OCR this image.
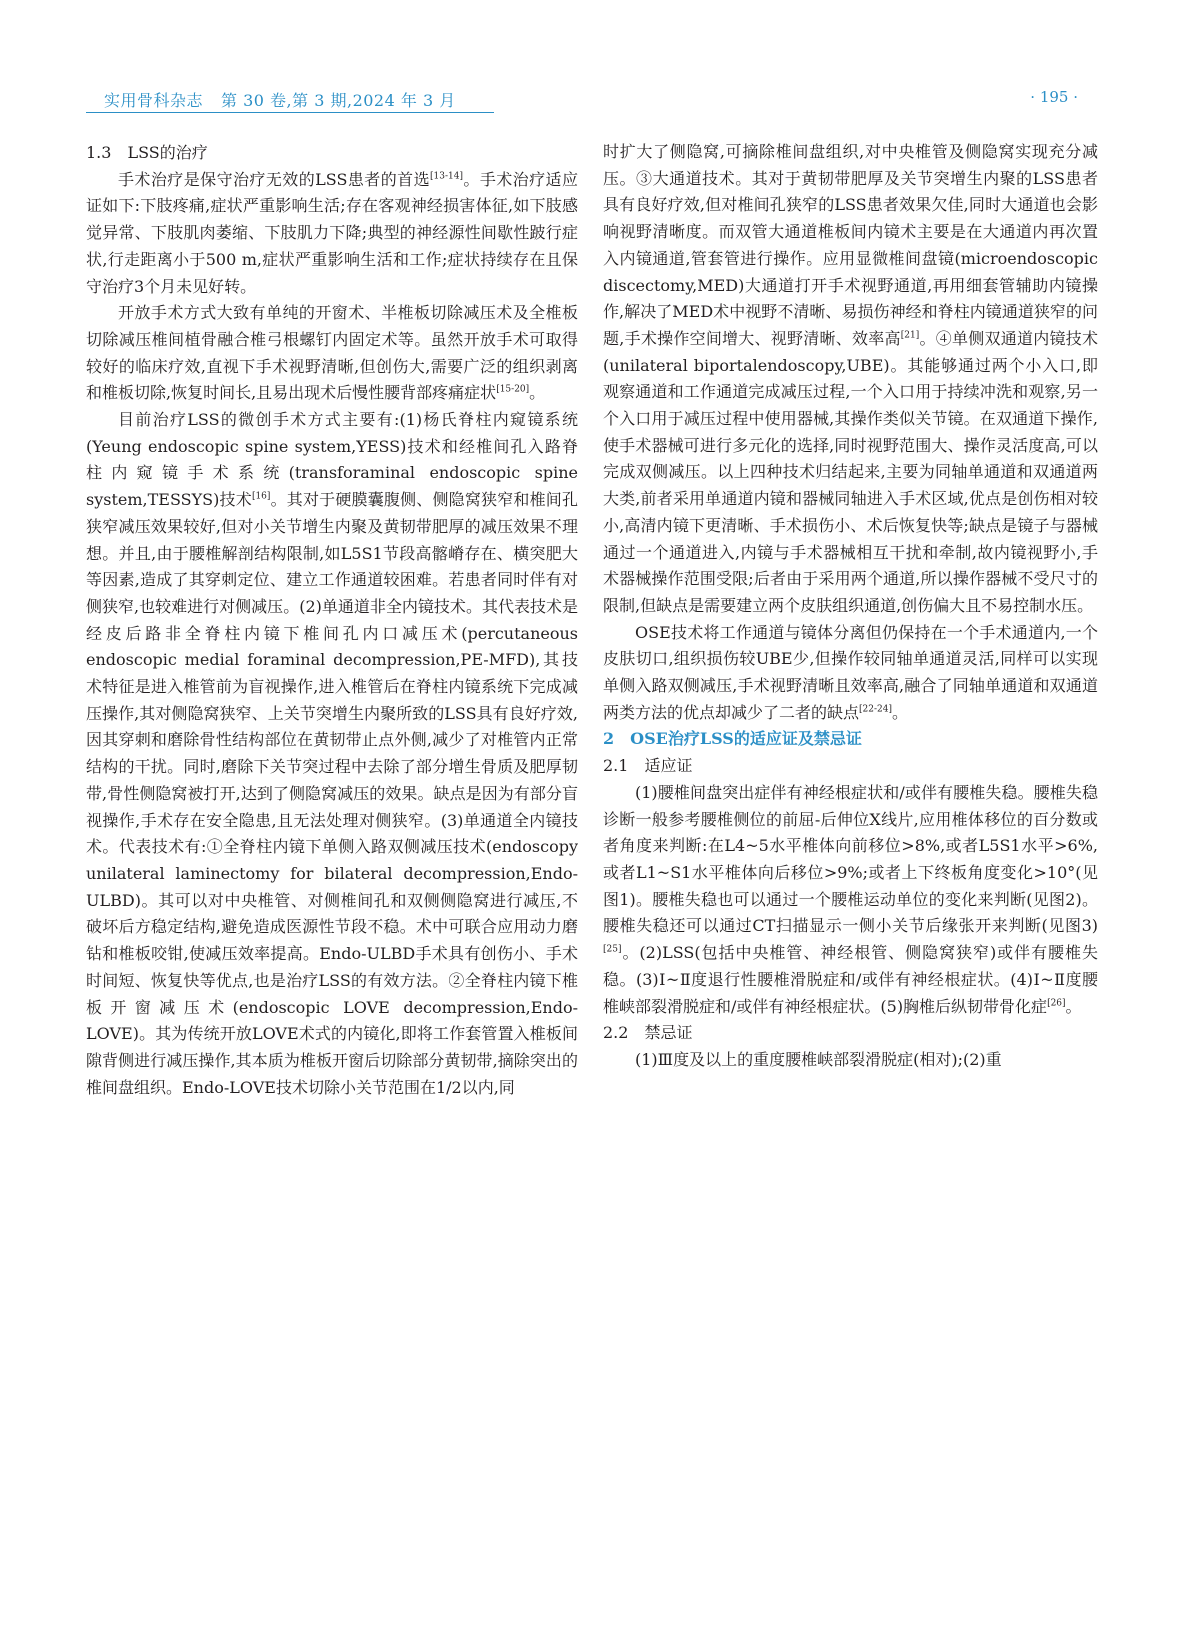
实用骨科杂志 第 30 卷,第 3 期,2024 年 3 月	· 195 ·
1.3　LSS的治疗

手术治疗是保守治疗无效的LSS患者的首选[13-14]。手术治疗适应证如下:下肢疼痛,症状严重影响生活;存在客观神经损害体征,如下肢感觉异常、下肢肌肉萎缩、下肢肌力下降;典型的神经源性间歇性跛行症状,行走距离小于500 m,症状严重影响生活和工作;症状持续存在且保守治疗3个月未见好转。

开放手术方式大致有单纯的开窗术、半椎板切除减压术及全椎板切除减压椎间植骨融合椎弓根螺钉内固定术等。虽然开放手术可取得较好的临床疗效,直视下手术视野清晰,但创伤大,需要广泛的组织剥离和椎板切除,恢复时间长,且易出现术后慢性腰背部疼痛症状[15-20]。

目前治疗LSS的微创手术方式主要有:(1)杨氏脊柱内窥镜系统(Yeung endoscopic spine system,YESS)技术和经椎间孔入路脊柱内窥镜手术系统(transforaminal endoscopic spine system,TESSYS)技术[16]。其对于硬膜囊腹侧、侧隐窝狭窄和椎间孔狭窄减压效果较好,但对小关节增生内聚及黄韧带肥厚的减压效果不理想。并且,由于腰椎解剖结构限制,如L5S1节段高髂嵴存在、横突肥大等因素,造成了其穿刺定位、建立工作通道较困难。若患者同时伴有对侧狭窄,也较难进行对侧减压。(2)单通道非全内镜技术。其代表技术是经皮后路非全脊柱内镜下椎间孔内口减压术(percutaneous endoscopic medial foraminal decompression,PE-MFD),其技术特征是进入椎管前为盲视操作,进入椎管后在脊柱内镜系统下完成减压操作,其对侧隐窝狭窄、上关节突增生内聚所致的LSS具有良好疗效,因其穿刺和磨除骨性结构部位在黄韧带止点外侧,减少了对椎管内正常结构的干扰。同时,磨除下关节突过程中去除了部分增生骨质及肥厚韧带,骨性侧隐窝被打开,达到了侧隐窝减压的效果。缺点是因为有部分盲视操作,手术存在安全隐患,且无法处理对侧狭窄。(3)单通道全内镜技术。代表技术有:①全脊柱内镜下单侧入路双侧减压技术(endoscopy unilateral laminectomy for bilateral decompression,Endo-ULBD)。其可以对中央椎管、对侧椎间孔和双侧侧隐窝进行减压,不破坏后方稳定结构,避免造成医源性节段不稳。术中可联合应用动力磨钻和椎板咬钳,使减压效率提高。Endo-ULBD手术具有创伤小、手术时间短、恢复快等优点,也是治疗LSS的有效方法。②全脊柱内镜下椎板开窗减压术(endoscopic LOVE decompression,Endo-LOVE)。其为传统开放LOVE术式的内镜化,即将工作套管置入椎板间隙背侧进行减压操作,其本质为椎板开窗后切除部分黄韧带,摘除突出的椎间盘组织。Endo-LOVE技术切除小关节范围在1/2以内,同

时扩大了侧隐窝,可摘除椎间盘组织,对中央椎管及侧隐窝实现充分减压。③大通道技术。其对于黄韧带肥厚及关节突增生内聚的LSS患者具有良好疗效,但对椎间孔狭窄的LSS患者效果欠佳,同时大通道也会影响视野清晰度。而双管大通道椎板间内镜术主要是在大通道内再次置入内镜通道,管套管进行操作。应用显微椎间盘镜(microendoscopic discectomy,MED)大通道打开手术视野通道,再用细套管辅助内镜操作,解决了MED术中视野不清晰、易损伤神经和脊柱内镜通道狭窄的问题,手术操作空间增大、视野清晰、效率高[21]。④单侧双通道内镜技术(unilateral biportalendoscopy,UBE)。其能够通过两个小入口,即观察通道和工作通道完成减压过程,一个入口用于持续冲洗和观察,另一个入口用于减压过程中使用器械,其操作类似关节镜。在双通道下操作,使手术器械可进行多元化的选择,同时视野范围大、操作灵活度高,可以完成双侧减压。以上四种技术归结起来,主要为同轴单通道和双通道两大类,前者采用单通道内镜和器械同轴进入手术区域,优点是创伤相对较小,高清内镜下更清晰、手术损伤小、术后恢复快等;缺点是镜子与器械通过一个通道进入,内镜与手术器械相互干扰和牵制,故内镜视野小,手术器械操作范围受限;后者由于采用两个通道,所以操作器械不受尺寸的限制,但缺点是需要建立两个皮肤组织通道,创伤偏大且不易控制水压。

OSE技术将工作通道与镜体分离但仍保持在一个手术通道内,一个皮肤切口,组织损伤较UBE少,但操作较同轴单通道灵活,同样可以实现单侧入路双侧减压,手术视野清晰且效率高,融合了同轴单通道和双通道两类方法的优点却减少了二者的缺点[22-24]。

2　OSE治疗LSS的适应证及禁忌证
2.1　适应证

(1)腰椎间盘突出症伴有神经根症状和/或伴有腰椎失稳。腰椎失稳诊断一般参考腰椎侧位的前屈-后伸位X线片,应用椎体移位的百分数或者角度来判断:在L4~5水平椎体向前移位>8%,或者L5S1水平>6%,或者L1~S1水平椎体向后移位>9%;或者上下终板角度变化>10°(见图1)。腰椎失稳也可以通过一个腰椎运动单位的变化来判断(见图2)。腰椎失稳还可以通过CT扫描显示一侧小关节后缘张开来判断(见图3)[25]。(2)LSS(包括中央椎管、神经根管、侧隐窝狭窄)或伴有腰椎失稳。(3)Ⅰ~Ⅱ度退行性腰椎滑脱症和/或伴有神经根症状。(4)Ⅰ~Ⅱ度腰椎峡部裂滑脱症和/或伴有神经根症状。(5)胸椎后纵韧带骨化症[26]。

2.2　禁忌证

(1)Ⅲ度及以上的重度腰椎峡部裂滑脱症(相对);(2)重
